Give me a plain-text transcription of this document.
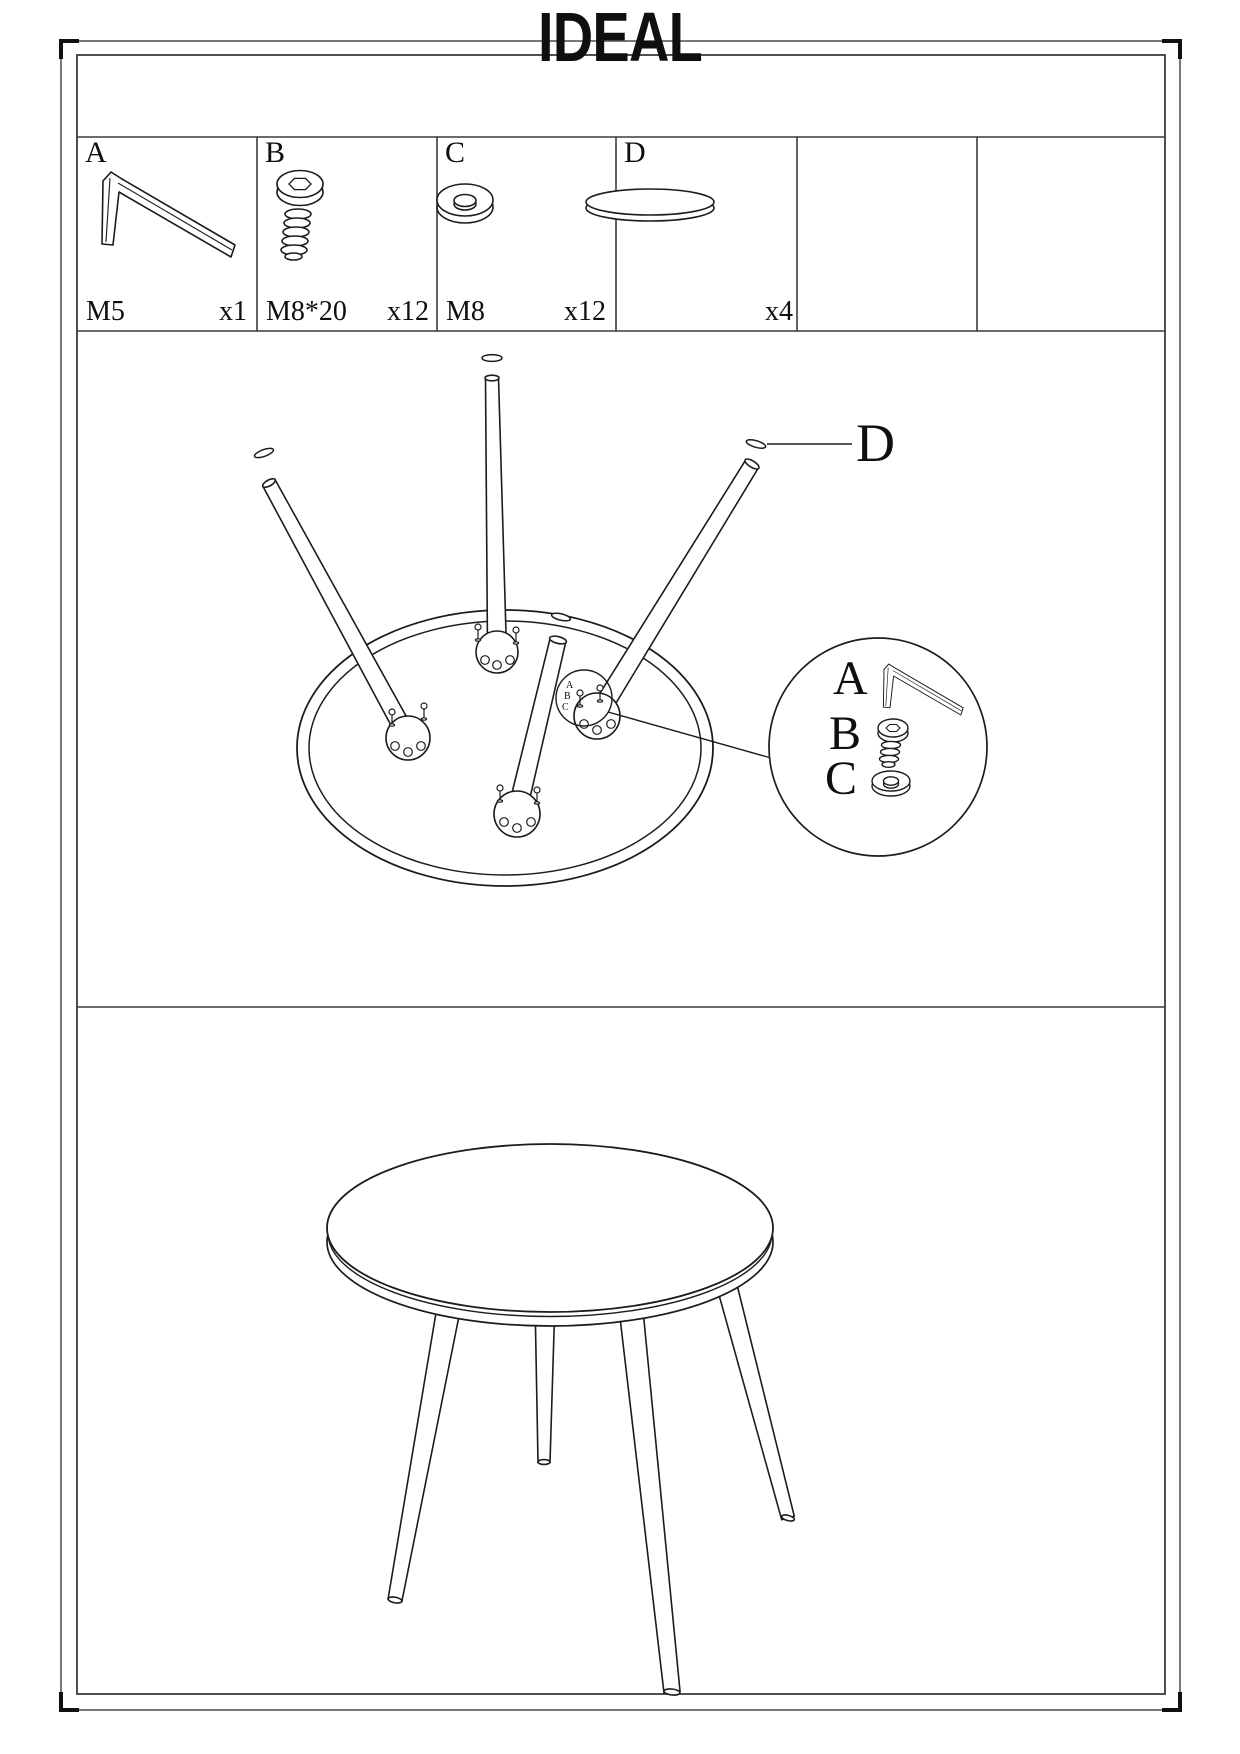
IDEAL
A	B	C	D
M5	M8*20	M8
x1	x12	x12	x4
D
A
B
C
A
B
C
